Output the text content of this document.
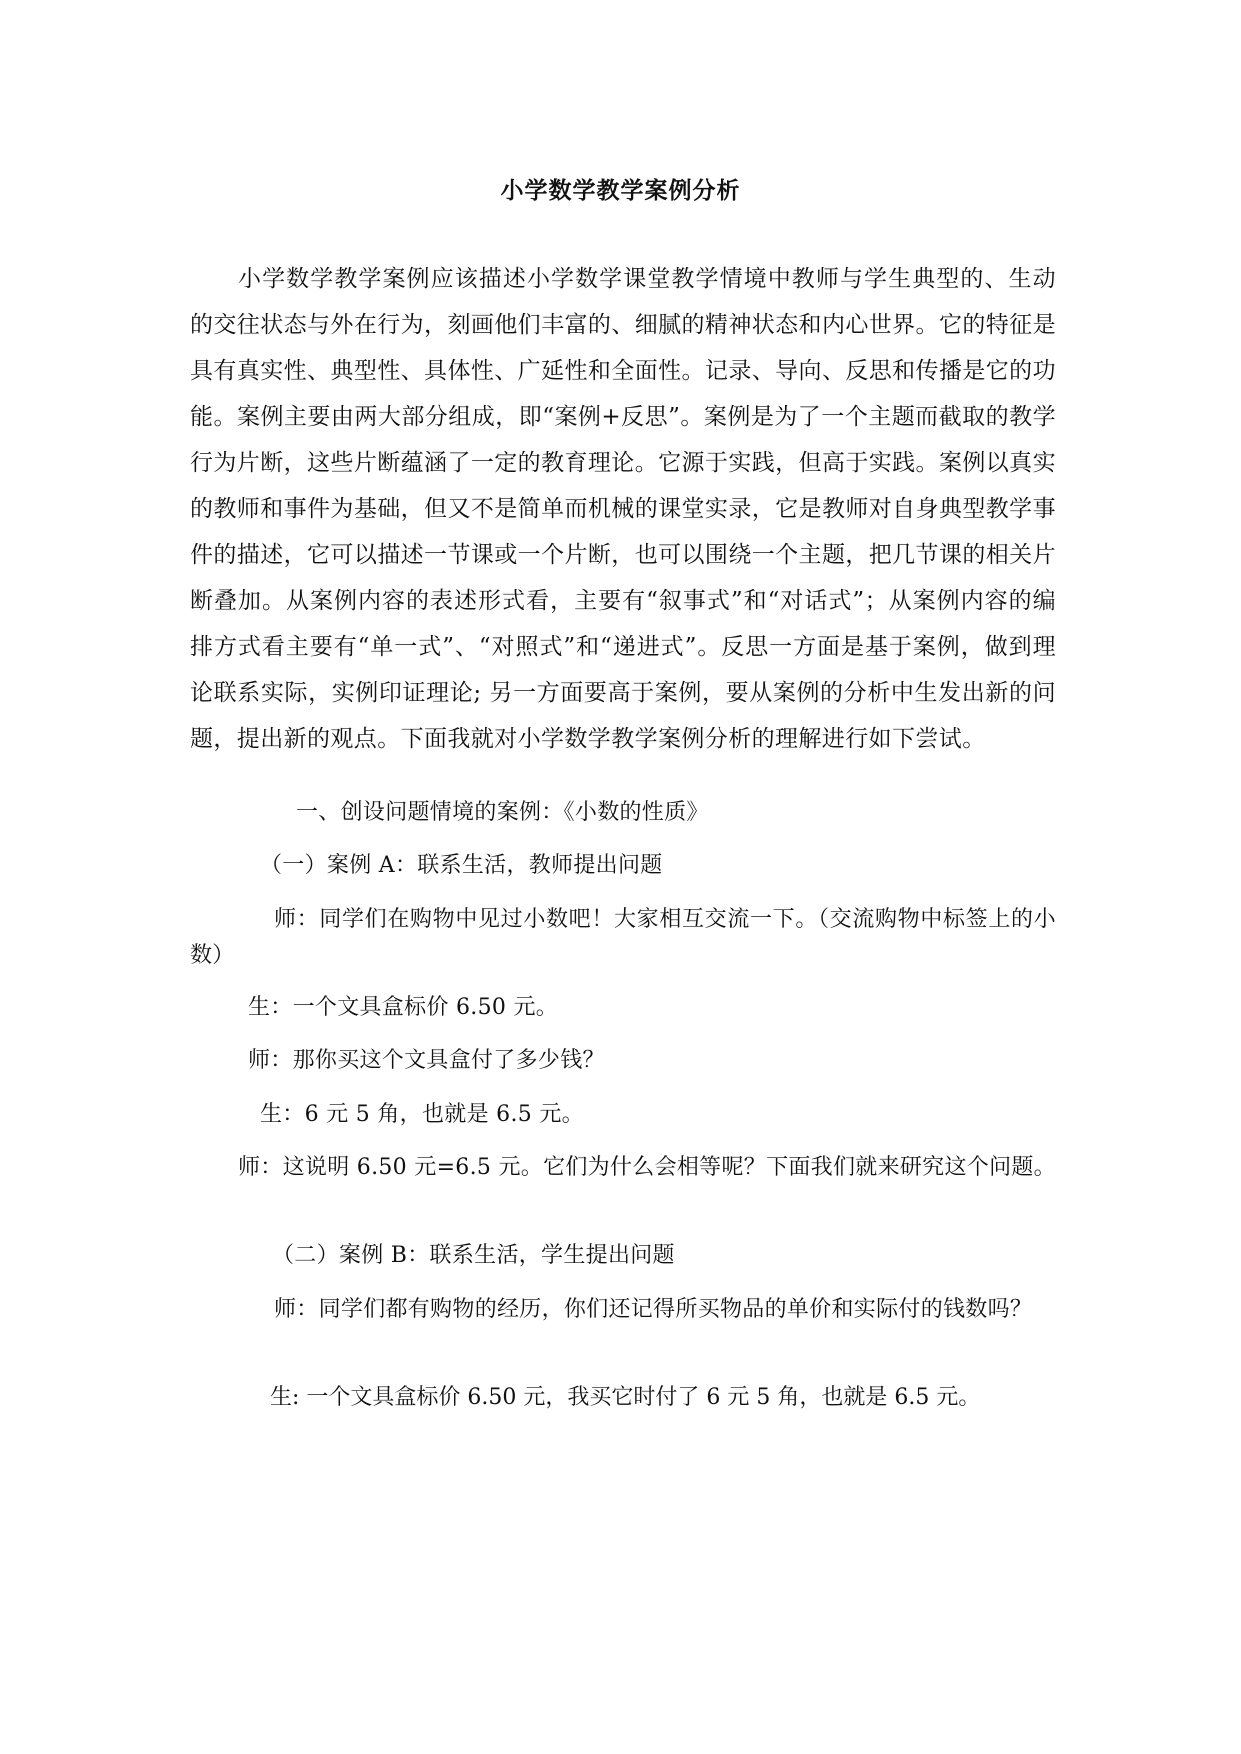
小学数学教学案例分析

小学数学教学案例应该描述小学数学课堂教学情境中教师与学生典型的、生动的交往状态与外在行为，刻画他们丰富的、细腻的精神状态和内心世界。它的特征是具有真实性、典型性、具体性、广延性和全面性。记录、导向、反思和传播是它的功能。案例主要由两大部分组成，即“案例+反思”。案例是为了一个主题而截取的教学行为片断，这些片断蕴涵了一定的教育理论。它源于实践，但高于实践。案例以真实的教师和事件为基础，但又不是简单而机械的课堂实录，它是教师对自身典型教学事件的描述，它可以描述一节课或一个片断，也可以围绕一个主题，把几节课的相关片断叠加。从案例内容的表述形式看，主要有“叙事式”和“对话式”；从案例内容的编排方式看主要有“单一式”、“对照式”和“递进式”。反思一方面是基于案例，做到理论联系实际，实例印证理论; 另一方面要高于案例，要从案例的分析中生发出新的问题，提出新的观点。下面我就对小学数学教学案例分析的理解进行如下尝试。

一、创设问题情境的案例：《小数的性质》

（一）案例 A：联系生活，教师提出问题

师：同学们在购物中见过小数吧！大家相互交流一下。（交流购物中标签上的小数）

生：一个文具盒标价 6.50 元。

师：那你买这个文具盒付了多少钱？

生：6 元 5 角，也就是 6.5 元。

师：这说明 6.50 元=6.5 元。它们为什么会相等呢？下面我们就来研究这个问题。

（二）案例 B：联系生活，学生提出问题

师：同学们都有购物的经历，你们还记得所买物品的单价和实际付的钱数吗？

生: 一个文具盒标价 6.50 元，我买它时付了 6 元 5 角，也就是 6.5 元。
